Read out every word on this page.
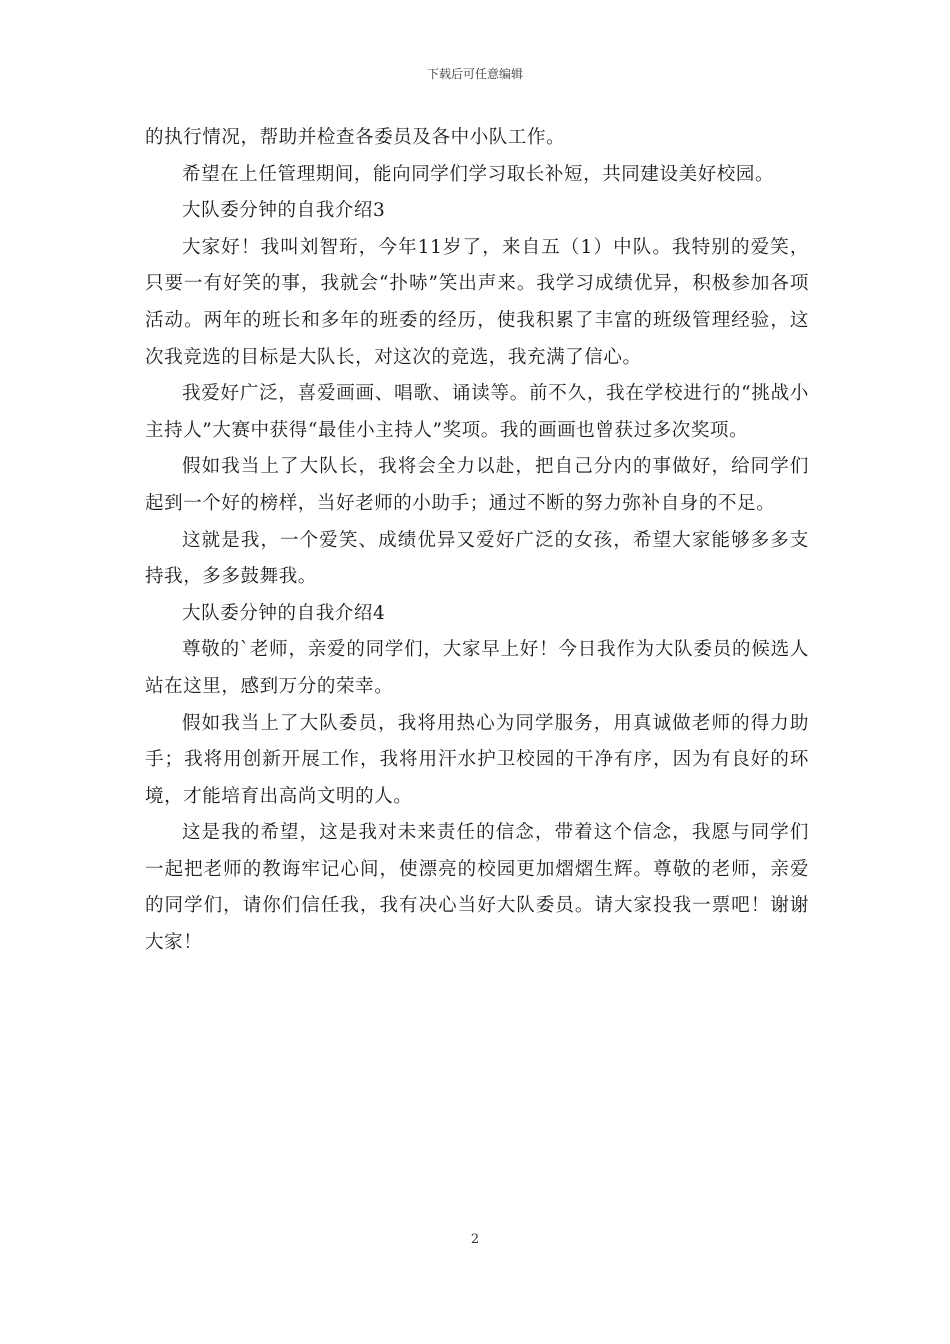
下载后可任意编辑

的执行情况，帮助并检查各委员及各中小队工作。

希望在上任管理期间，能向同学们学习取长补短，共同建设美好校园。

大队委分钟的自我介绍3

大家好！我叫刘智珩，今年11岁了，来自五（1）中队。我特别的爱笑，只要一有好笑的事，我就会“扑哧”笑出声来。我学习成绩优异，积极参加各项活动。两年的班长和多年的班委的经历，使我积累了丰富的班级管理经验，这次我竞选的目标是大队长，对这次的竞选，我充满了信心。

我爱好广泛，喜爱画画、唱歌、诵读等。前不久，我在学校进行的“挑战小主持人”大赛中获得“最佳小主持人”奖项。我的画画也曾获过多次奖项。

假如我当上了大队长，我将会全力以赴，把自己分内的事做好，给同学们起到一个好的榜样，当好老师的小助手；通过不断的努力弥补自身的不足。

这就是我，一个爱笑、成绩优异又爱好广泛的女孩，希望大家能够多多支持我，多多鼓舞我。

大队委分钟的自我介绍4

尊敬的`老师，亲爱的同学们，大家早上好！今日我作为大队委员的候选人站在这里，感到万分的荣幸。

假如我当上了大队委员，我将用热心为同学服务，用真诚做老师的得力助手；我将用创新开展工作，我将用汗水护卫校园的干净有序，因为有良好的环境，才能培育出高尚文明的人。

这是我的希望，这是我对未来责任的信念，带着这个信念，我愿与同学们一起把老师的教诲牢记心间，使漂亮的校园更加熠熠生辉。尊敬的老师，亲爱的同学们，请你们信任我，我有决心当好大队委员。请大家投我一票吧！谢谢大家！

2
